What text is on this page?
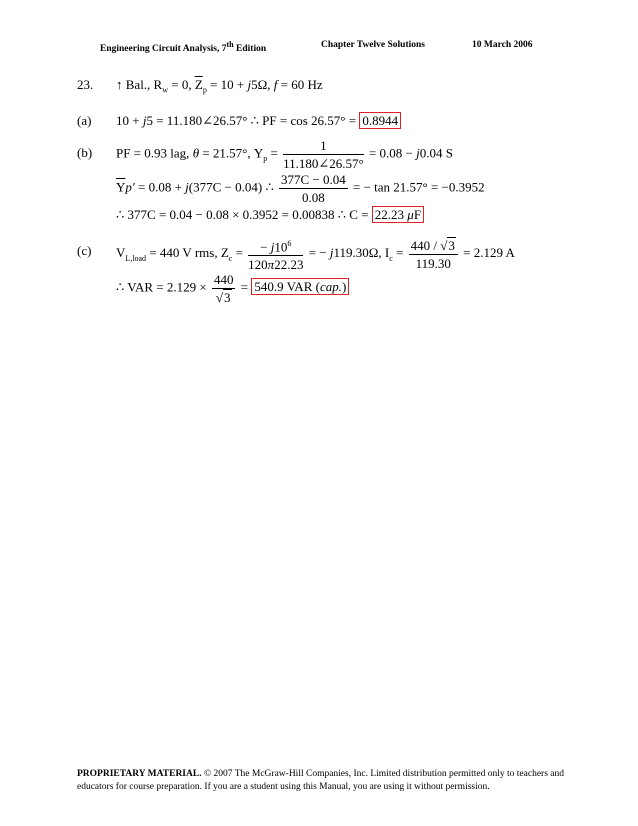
Engineering Circuit Analysis, 7th Edition	Chapter Twelve Solutions	10 March 2006
23. ↑ Bal., $R_w = 0$, $\overline{Z}_p = 10 + j5\Omega$, f = 60 Hz
(a) 10 + j5 = 11.180∠26.57° ∴ PF = cos 26.57° = 0.8944
(b) PF = 0.93 lag, θ = 21.57°, $Y_p = \frac{1}{11.180\angle 26.57^\circ} = 0.08 - j0.04$ S
$\overline{Y}p' = 0.08 + j(377C - 0.04)$ ∴ $\frac{377C - 0.04}{0.08}$ = − tan 21.57° = −0.3952
∴ 377C = 0.04 − 0.08 × 0.3952 = 0.00838 ∴ C = 22.23 μF
(c) $V_{L,load} = 440$ V rms, $Z_c = \frac{- j10^6}{120\pi 22.23}$ = − j119.30Ω, $I_c = \frac{440 / √3}{119.30} = 2.129$ A
∴ VAR = $2.129 \times \frac{440}{√3} = 540.9$ VAR (cap.)
PROPRIETARY MATERIAL. © 2007 The McGraw-Hill Companies, Inc. Limited distribution permitted only to teachers and educators for course preparation. If you are a student using this Manual, you are using it without permission.
